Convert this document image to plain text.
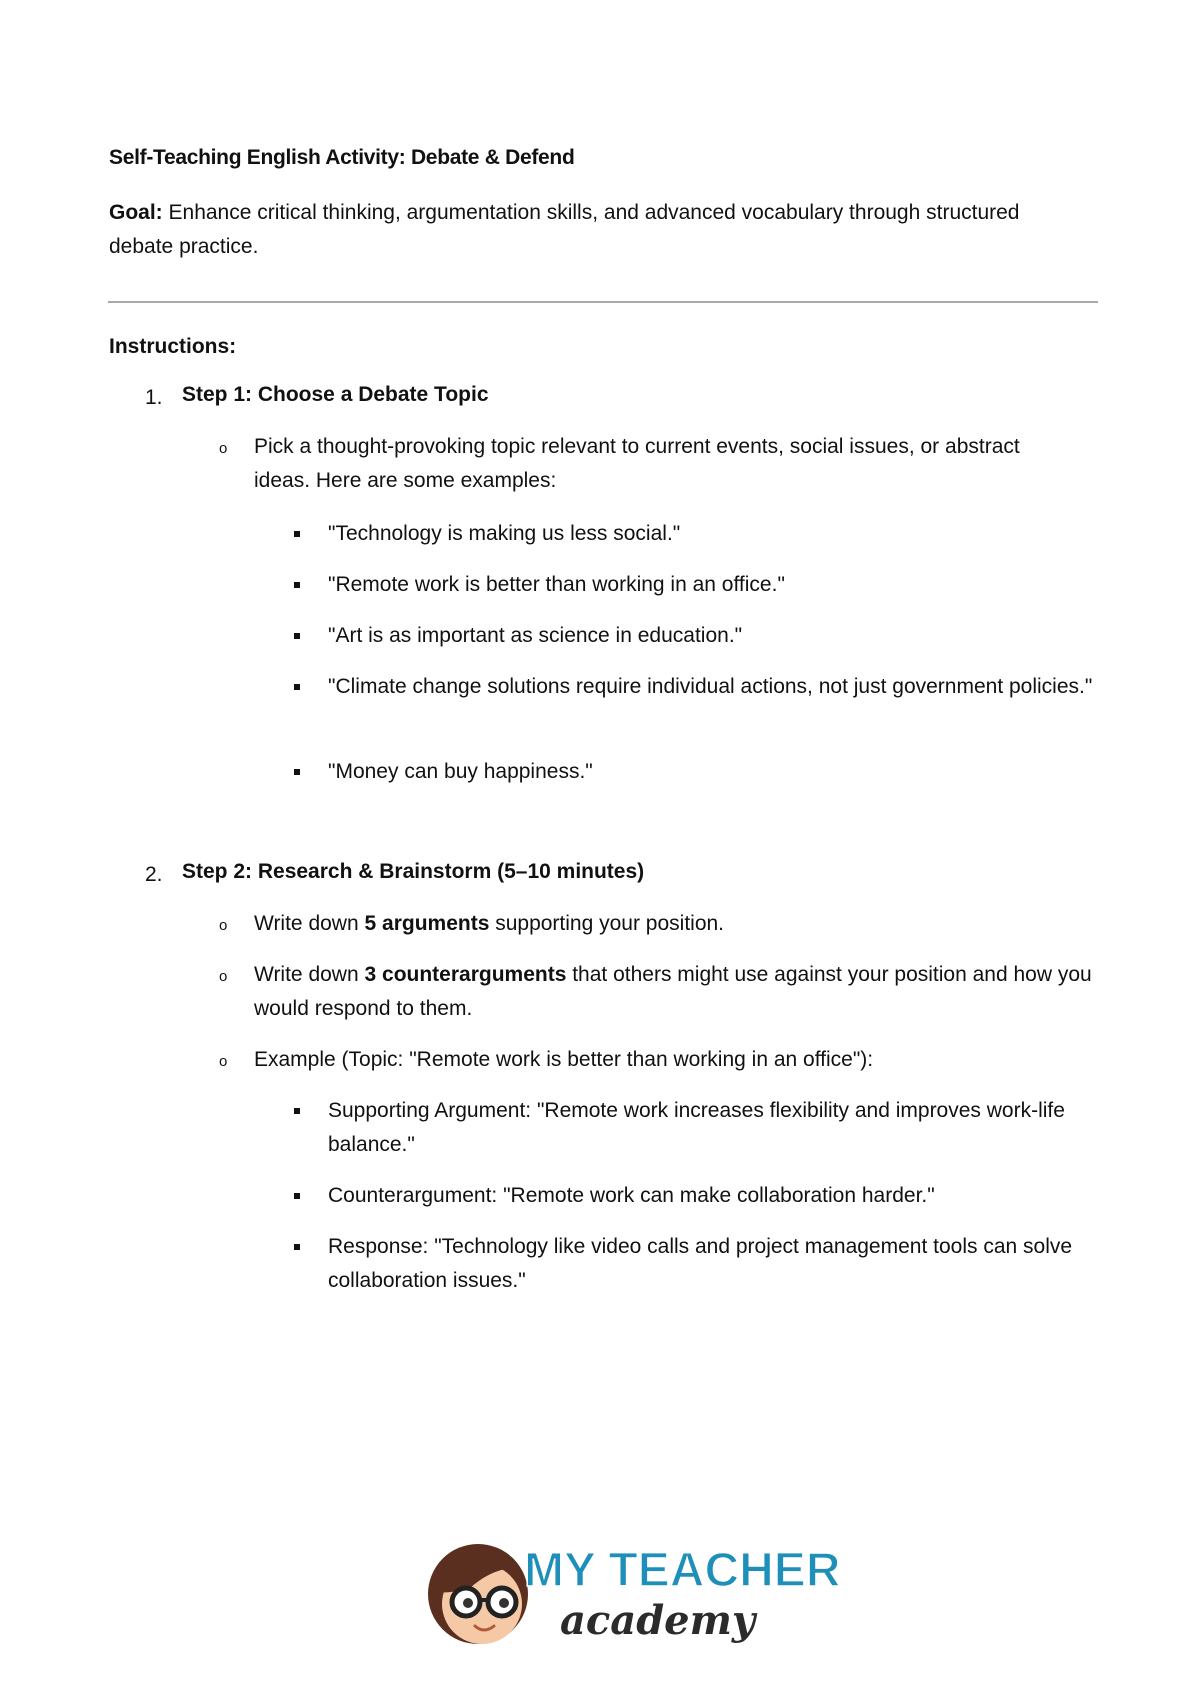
Self-Teaching English Activity: Debate & Defend
Goal: Enhance critical thinking, argumentation skills, and advanced vocabulary through structured debate practice.
Instructions:
1. Step 1: Choose a Debate Topic
o Pick a thought-provoking topic relevant to current events, social issues, or abstract ideas. Here are some examples:
"Technology is making us less social."
"Remote work is better than working in an office."
"Art is as important as science in education."
"Climate change solutions require individual actions, not just government policies."
"Money can buy happiness."
2. Step 2: Research & Brainstorm (5–10 minutes)
o Write down 5 arguments supporting your position.
o Write down 3 counterarguments that others might use against your position and how you would respond to them.
o Example (Topic: "Remote work is better than working in an office"):
Supporting Argument: "Remote work increases flexibility and improves work-life balance."
Counterargument: "Remote work can make collaboration harder."
Response: "Technology like video calls and project management tools can solve collaboration issues."
MY TEACHER
academy
